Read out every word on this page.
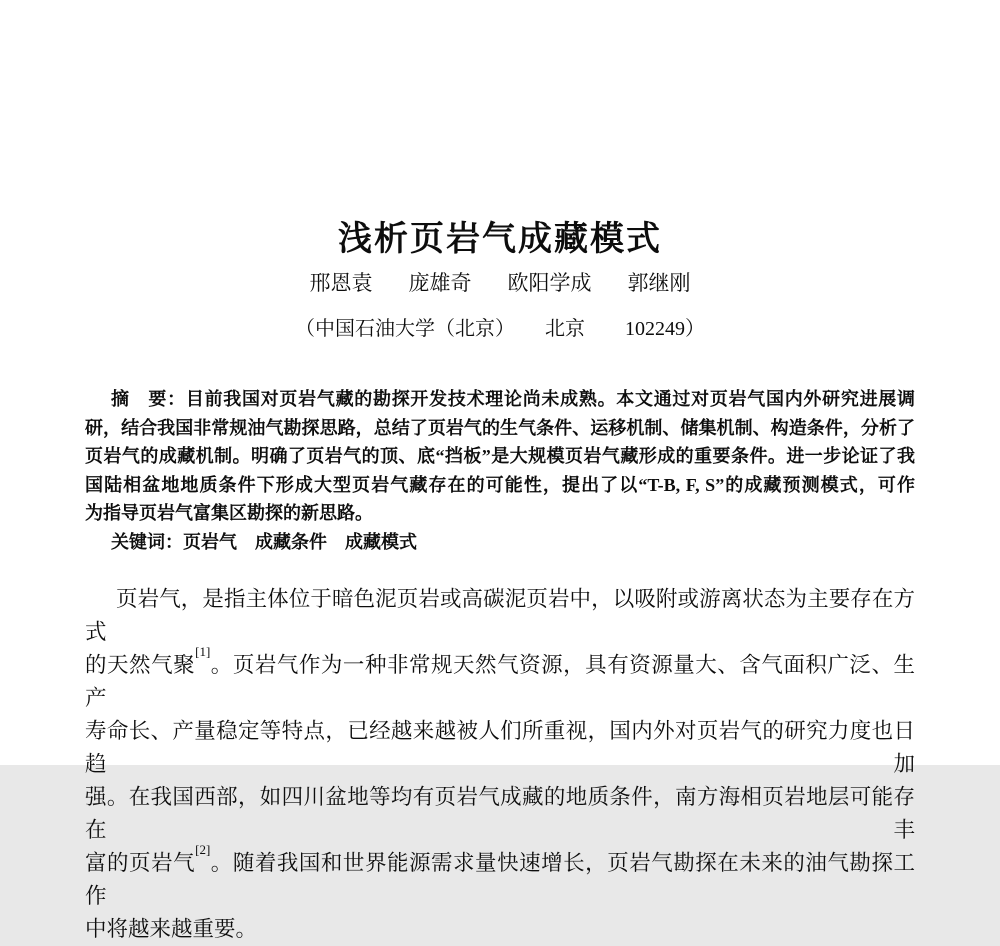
浅析页岩气成藏模式
邢恩袁 庞雄奇 欧阳学成 郭继刚
（中国石油大学（北京）　　北京　　102249）
摘　要：目前我国对页岩气藏的勘探开发技术理论尚未成熟。本文通过对页岩气国内外研究进展调
研，结合我国非常规油气勘探思路，总结了页岩气的生气条件、运移机制、储集机制、构造条件，分析了
页岩气的成藏机制。明确了页岩气的顶、底“挡板”是大规模页岩气藏形成的重要条件。进一步论证了我
国陆相盆地地质条件下形成大型页岩气藏存在的可能性，提出了以“T-B, F, S”的成藏预测模式，可作
为指导页岩气富集区勘探的新思路。
关键词：页岩气　成藏条件　成藏模式
页岩气，是指主体位于暗色泥页岩或高碳泥页岩中，以吸附或游离状态为主要存在方式
的天然气聚[1]。页岩气作为一种非常规天然气资源，具有资源量大、含气面积广泛、生产
寿命长、产量稳定等特点，已经越来越被人们所重视，国内外对页岩气的研究力度也日趋加
强。在我国西部，如四川盆地等均有页岩气成藏的地质条件，南方海相页岩地层可能存在丰
富的页岩气[2]。随着我国和世界能源需求量快速增长，页岩气勘探在未来的油气勘探工作
中将越来越重要。
